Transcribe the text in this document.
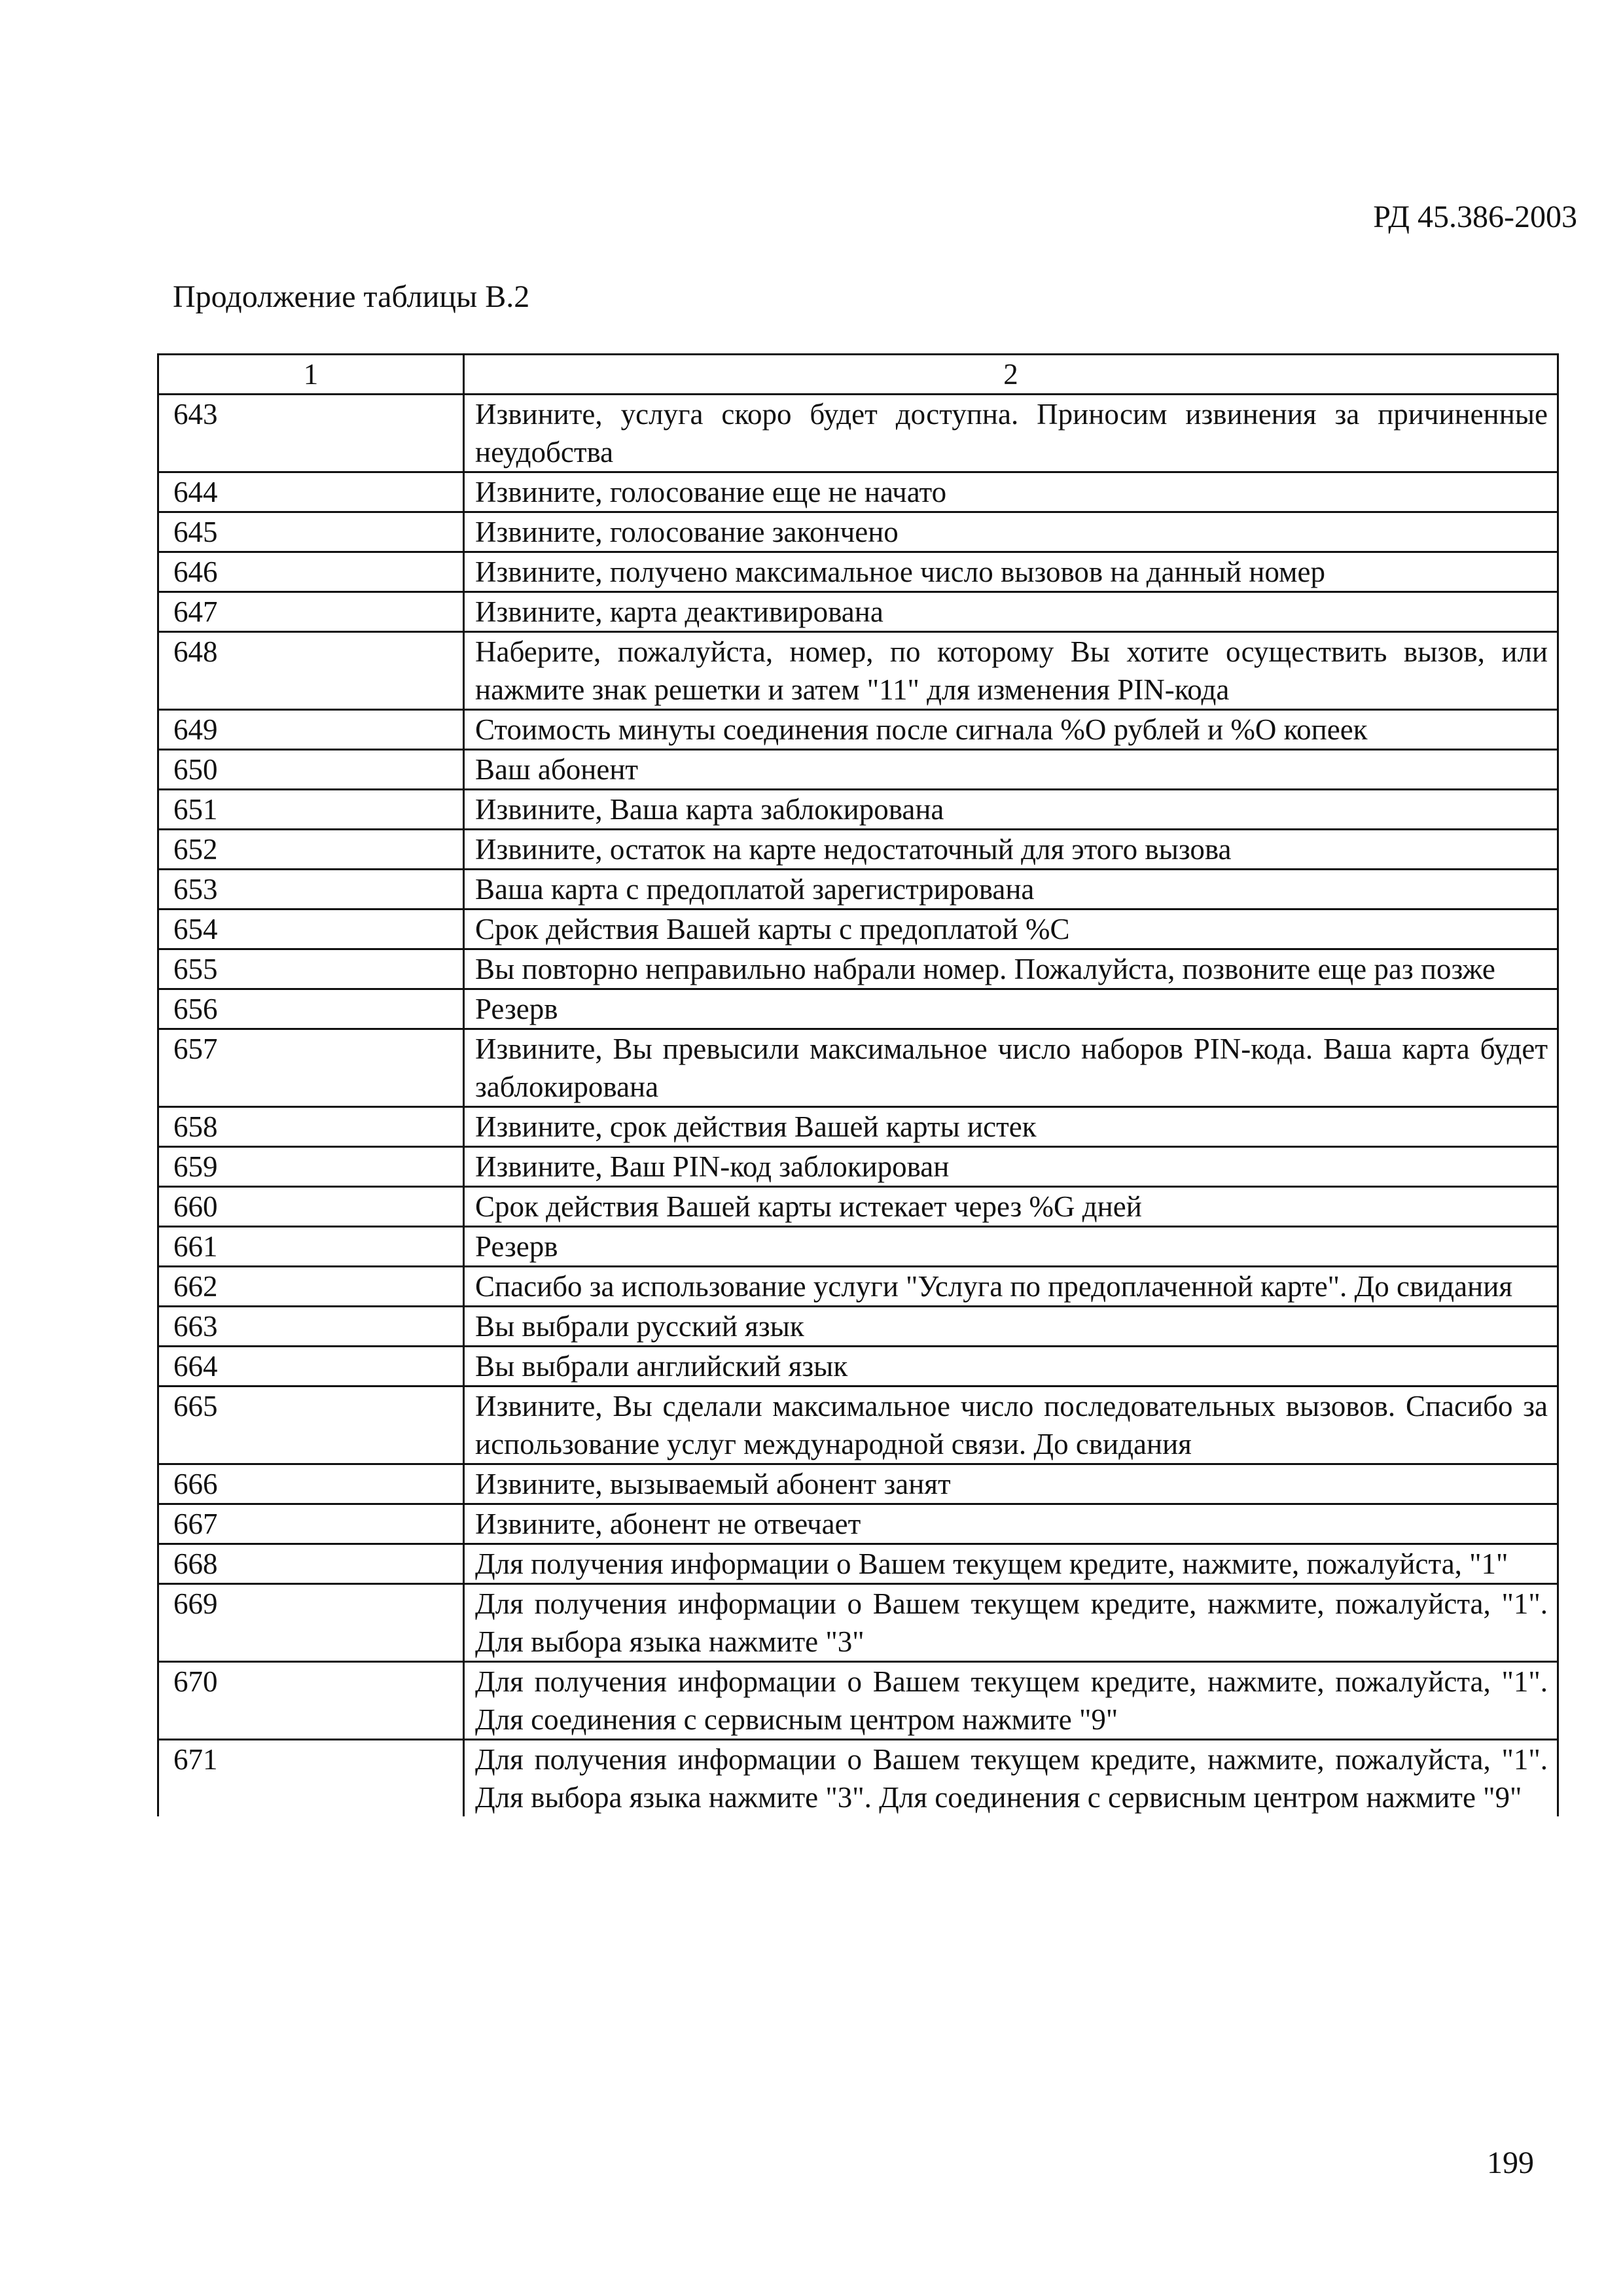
РД 45.386-2003
Продолжение таблицы В.2
1	2
643	Извините, услуга скоро будет доступна. Приносим извинения за причиненные неудобства
644	Извините, голосование еще не начато
645	Извините, голосование закончено
646	Извините, получено максимальное число вызовов на данный номер
647	Извините, карта деактивирована
648	Наберите, пожалуйста, номер, по которому Вы хотите осуществить вызов, или нажмите знак решетки и затем "11" для изменения PIN-кода
649	Стоимость минуты соединения после сигнала %O рублей и %O копеек
650	Ваш абонент
651	Извините, Ваша карта заблокирована
652	Извините, остаток на карте недостаточный для этого вызова
653	Ваша карта с предоплатой зарегистрирована
654	Срок действия Вашей карты с предоплатой %C
655	Вы повторно неправильно набрали номер. Пожалуйста, позвоните еще раз позже
656	Резерв
657	Извините, Вы превысили максимальное число наборов PIN-кода. Ваша карта будет заблокирована
658	Извините, срок действия Вашей карты истек
659	Извините, Ваш PIN-код заблокирован
660	Срок действия Вашей карты истекает через %G дней
661	Резерв
662	Спасибо за использование услуги "Услуга по предоплаченной карте". До свидания
663	Вы выбрали русский язык
664	Вы выбрали английский язык
665	Извините, Вы сделали максимальное число последовательных вызовов. Спасибо за использование услуг международной связи. До свидания
666	Извините, вызываемый абонент занят
667	Извините, абонент не отвечает
668	Для получения информации о Вашем текущем кредите, нажмите, пожалуйста, "1"
669	Для получения информации о Вашем текущем кредите, нажмите, пожалуйста, "1". Для выбора языка нажмите "3"
670	Для получения информации о Вашем текущем кредите, нажмите, пожалуйста, "1". Для соединения с сервисным центром нажмите "9"
671	Для получения информации о Вашем текущем кредите, нажмите, пожалуйста, "1". Для выбора языка нажмите "3". Для соединения с сервисным центром нажмите "9"
199
